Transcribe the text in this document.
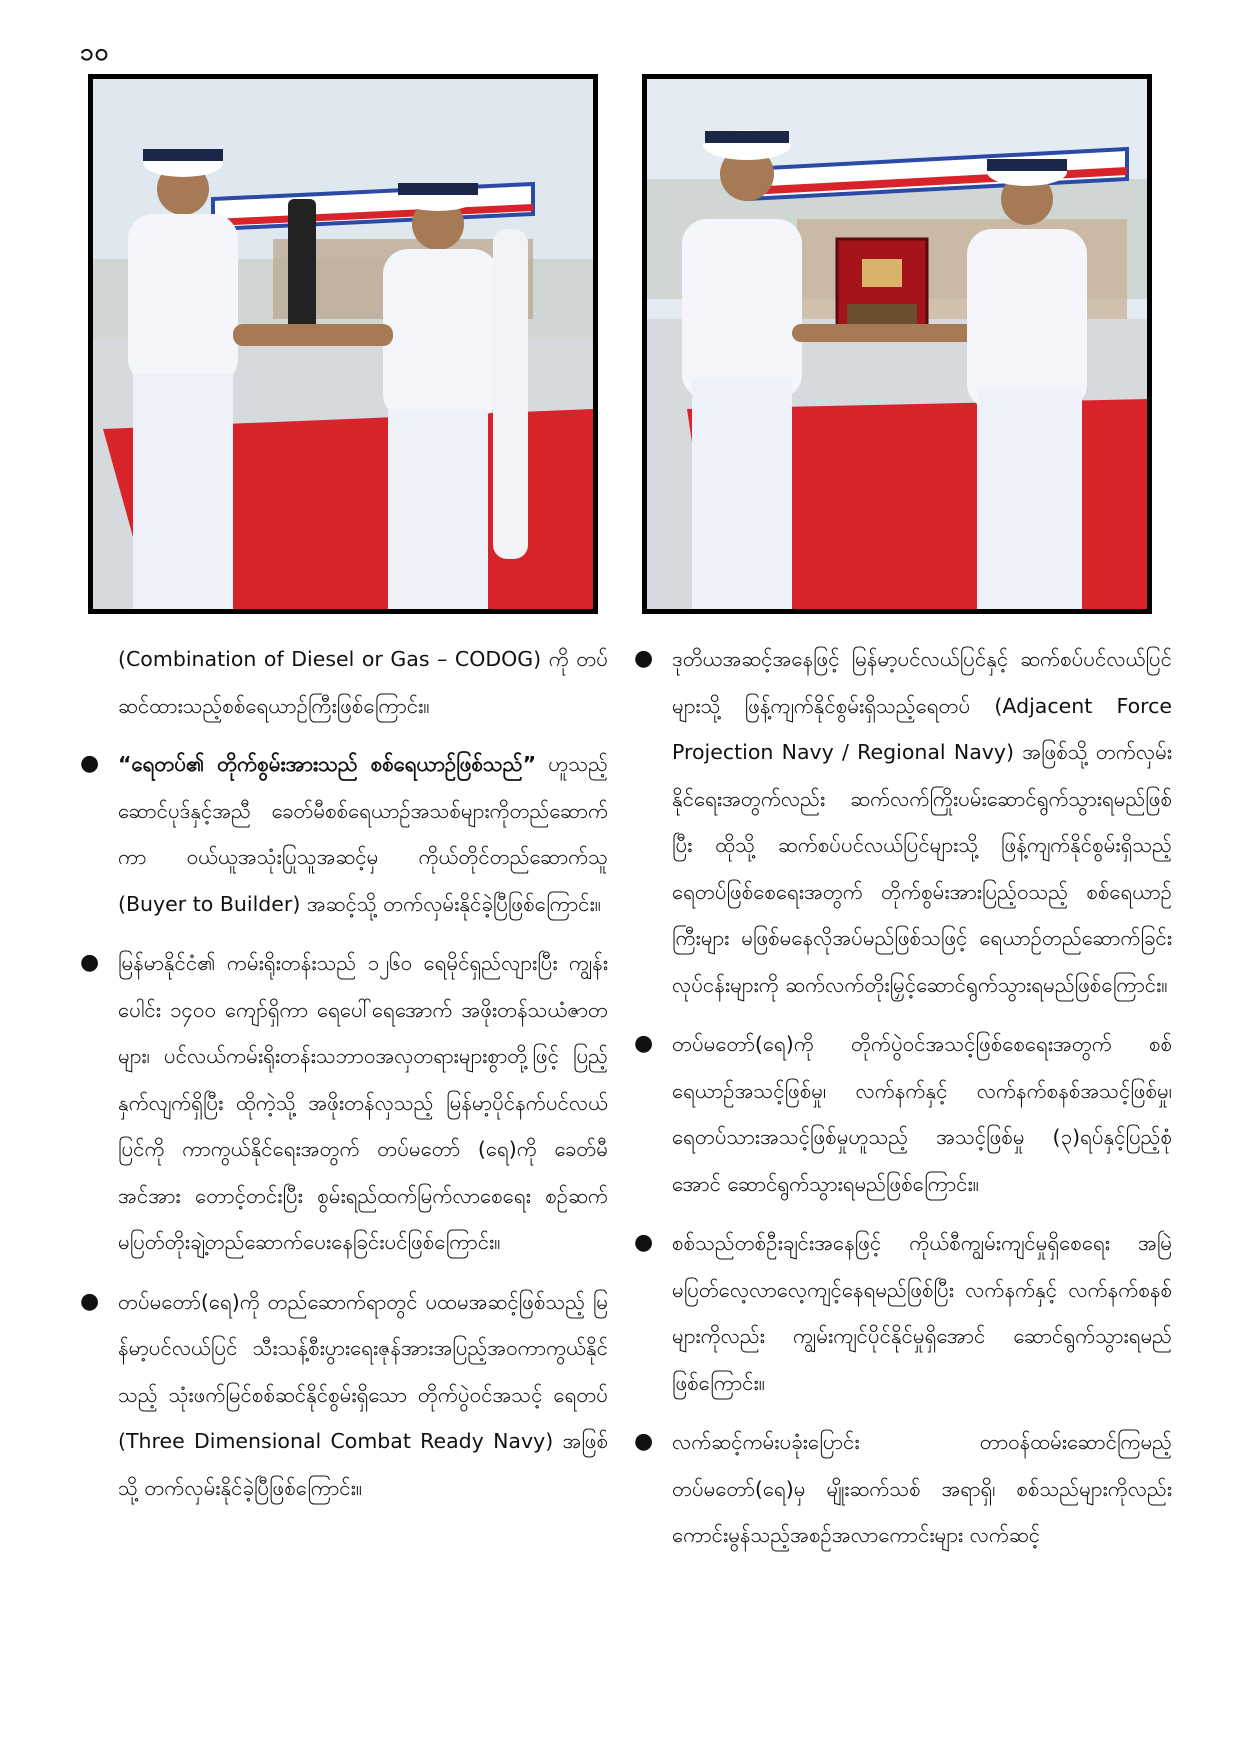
၁၀

(Combination of Diesel or Gas – CODOG) ကို တပ်ဆင်ထားသည့်စစ်ရေယာဉ်ကြီးဖြစ်ကြောင်း။

● “ရေတပ်၏ တိုက်စွမ်းအားသည် စစ်ရေယာဉ်ဖြစ်သည်” ဟူသည့်ဆောင်ပုဒ်နှင့်အညီ ခေတ်မီစစ်ရေယာဉ်အသစ်များကိုတည်ဆောက်ကာ ဝယ်ယူအသုံးပြုသူအဆင့်မှ ကိုယ်တိုင်တည်ဆောက်သူ (Buyer to Builder) အဆင့်သို့ တက်လှမ်းနိုင်ခဲ့ပြီဖြစ်ကြောင်း။
● မြန်မာနိုင်ငံ၏ ကမ်းရိုးတန်းသည် ၁၂၆ဝ ရေမိုင်ရှည်လျားပြီး ကျွန်းပေါင်း ၁၄ဝဝ ကျော်ရှိကာ ရေပေါ်ရေအောက် အဖိုးတန်သယံဇာတများ၊ ပင်လယ်ကမ်းရိုးတန်းသဘာဝအလှတရားများစွာတို့ဖြင့် ပြည့်နှက်လျက်ရှိပြီး ထိုကဲ့သို့ အဖိုးတန်လှသည့် မြန်မာ့ပိုင်နက်ပင်လယ်ပြင်ကို ကာကွယ်နိုင်ရေးအတွက် တပ်မတော် (ရေ)ကို ခေတ်မီအင်အား တောင့်တင်းပြီး စွမ်းရည်ထက်မြက်လာစေရေး စဉ်ဆက်မပြတ်တိုးချဲ့တည်ဆောက်ပေးနေခြင်းပင်ဖြစ်ကြောင်း။
● တပ်မတော်(ရေ)ကို တည်ဆောက်ရာတွင် ပထမအဆင့်ဖြစ်သည့် မြန်မာ့ပင်လယ်ပြင် သီးသန့်စီးပွားရေးဇုန်အားအပြည့်အဝကာကွယ်နိုင်သည့် သုံးဖက်မြင်စစ်ဆင်နိုင်စွမ်းရှိသော တိုက်ပွဲဝင်အသင့် ရေတပ် (Three Dimensional Combat Ready Navy) အဖြစ်သို့ တက်လှမ်းနိုင်ခဲ့ပြီဖြစ်ကြောင်း။
● ဒုတိယအဆင့်အနေဖြင့် မြန်မာ့ပင်လယ်ပြင်နှင့် ဆက်စပ်ပင်လယ်ပြင်များသို့ ဖြန့်ကျက်နိုင်စွမ်းရှိသည့်ရေတပ် (Adjacent Force Projection Navy / Regional Navy) အဖြစ်သို့ တက်လှမ်းနိုင်ရေးအတွက်လည်း ဆက်လက်ကြိုးပမ်းဆောင်ရွက်သွားရမည်ဖြစ်ပြီး ထိုသို့ ဆက်စပ်ပင်လယ်ပြင်များသို့ ဖြန့်ကျက်နိုင်စွမ်းရှိသည့် ရေတပ်ဖြစ်စေရေးအတွက် တိုက်စွမ်းအားပြည့်ဝသည့် စစ်ရေယာဉ်ကြီးများ မဖြစ်မနေလိုအပ်မည်ဖြစ်သဖြင့် ရေယာဉ်တည်ဆောက်ခြင်းလုပ်ငန်းများကို ဆက်လက်တိုးမြှင့်ဆောင်ရွက်သွားရမည်ဖြစ်ကြောင်း။
● တပ်မတော်(ရေ)ကို တိုက်ပွဲဝင်အသင့်ဖြစ်စေရေးအတွက် စစ်ရေယာဉ်အသင့်ဖြစ်မှု၊ လက်နက်နှင့် လက်နက်စနစ်အသင့်ဖြစ်မှု၊ ရေတပ်သားအသင့်ဖြစ်မှုဟူသည့် အသင့်ဖြစ်မှု (၃)ရပ်နှင့်ပြည့်စုံအောင် ဆောင်ရွက်သွားရမည်ဖြစ်ကြောင်း။
● စစ်သည်တစ်ဦးချင်းအနေဖြင့် ကိုယ်စီကျွမ်းကျင်မှုရှိစေရေး အမြဲမပြတ်လေ့လာလေ့ကျင့်နေရမည်ဖြစ်ပြီး လက်နက်နှင့် လက်နက်စနစ်များကိုလည်း ကျွမ်းကျင်ပိုင်နိုင်မှုရှိအောင် ဆောင်ရွက်သွားရမည်ဖြစ်ကြောင်း။
● လက်ဆင့်ကမ်းပခုံးပြောင်း တာဝန်ထမ်းဆောင်ကြမည့် တပ်မတော်(ရေ)မှ မျိုးဆက်သစ် အရာရှိ၊ စစ်သည်များကိုလည်း ကောင်းမွန်သည့်အစဉ်အလာကောင်းများ လက်ဆင့်
